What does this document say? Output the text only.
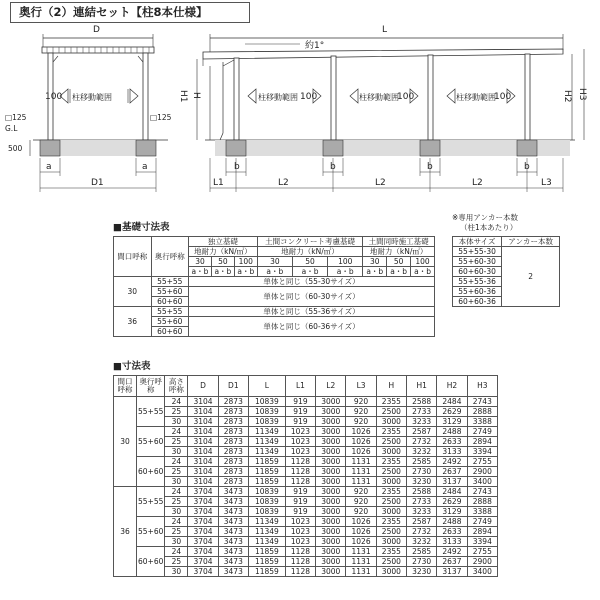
奥行（2）連結セット【柱8本仕様】
D
100 柱移動範囲
□125
G.L
□125
500
a	a
D1
L
約1°
H1 H	H2 H3
柱移動範囲 100	柱移動範囲
100	柱移動範囲
100
b	b	b	b
L1	L2	L2	L2	L3
■基礎寸法表
※専用アンカー本数
（柱1本あたり）
間口呼称	奥行呼称	独立基礎			土間コンクリート考慮基礎			土間同時施工基礎		
		地耐力（kN/㎡）			地耐力（kN/㎡）			地耐力（kN/㎡）		
		30	50	100	30	50	100	30	50	100
		a・b	a・b	a・b	a・b	a・b	a・b	a・b	a・b	a・b
30	55+55	単体と同じ（55-30サイズ）								
	55+60	単体と同じ（60-30サイズ）								
	60+60									
36	55+55	単体と同じ（55-36サイズ）								
	55+60	単体と同じ（60-36サイズ）								
	60+60									
本体サイズ	アンカー本数
55+55-30	2
55+60-30	
60+60-30	
55+55-36	
55+60-36	
60+60-36	
■寸法表
間口呼称	奥行呼称	高さ呼称	D	D1	L	L1	L2	L3	H	H1	H2	H3
30	55+55	24	3104	2873	10839	919	3000	920	2355	2588	2484	2743
		25	3104	2873	10839	919	3000	920	2500	2733	2629	2888
		30	3104	2873	10839	919	3000	920	3000	3233	3129	3388
	55+60	24	3104	2873	11349	1023	3000	1026	2355	2587	2488	2749
		25	3104	2873	11349	1023	3000	1026	2500	2732	2633	2894
		30	3104	2873	11349	1023	3000	1026	3000	3232	3133	3394
	60+60	24	3104	2873	11859	1128	3000	1131	2355	2585	2492	2755
		25	3104	2873	11859	1128	3000	1131	2500	2730	2637	2900
		30	3104	2873	11859	1128	3000	1131	3000	3230	3137	3400
36	55+55	24	3704	3473	10839	919	3000	920	2355	2588	2484	2743
		25	3704	3473	10839	919	3000	920	2500	2733	2629	2888
		30	3704	3473	10839	919	3000	920	3000	3233	3129	3388
	55+60	24	3704	3473	11349	1023	3000	1026	2355	2587	2488	2749
		25	3704	3473	11349	1023	3000	1026	2500	2732	2633	2894
		30	3704	3473	11349	1023	3000	1026	3000	3232	3133	3394
	60+60	24	3704	3473	11859	1128	3000	1131	2355	2585	2492	2755
		25	3704	3473	11859	1128	3000	1131	2500	2730	2637	2900
		30	3704	3473	11859	1128	3000	1131	3000	3230	3137	3400
